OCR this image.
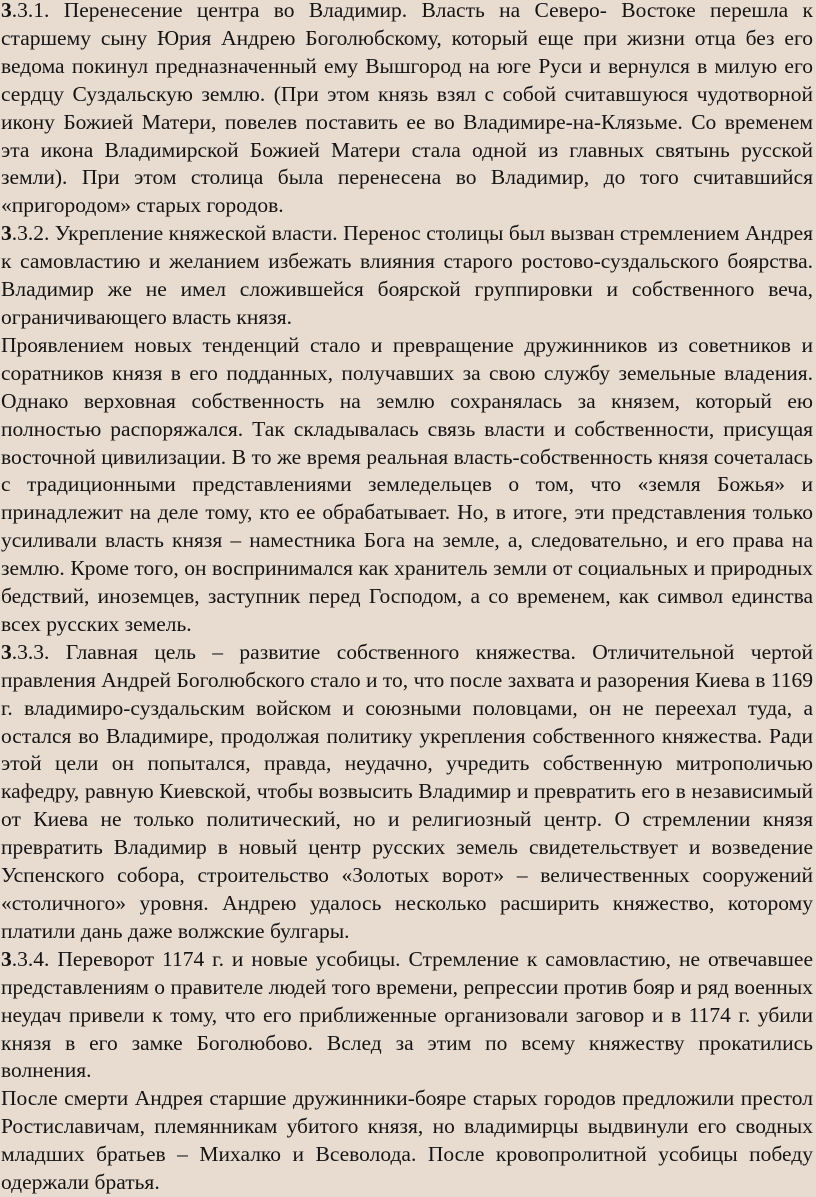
3.3.1. Перенесение центра во Владимир. Власть на Северо- Востоке перешла к старшему сыну Юрия Андрею Боголюбскому, который еще при жизни отца без его ведома покинул предназначенный ему Вышгород на юге Руси и вернулся в милую его сердцу Суздальскую землю. (При этом князь взял с собой считавшуюся чудотворной икону Божией Матери, повелев поставить ее во Владимире-на-Клязьме. Со временем эта икона Владимирской Божией Матери стала одной из главных святынь русской земли). При этом столица была перенесена во Владимир, до того считавшийся «пригородом» старых городов.

3.3.2. Укрепление княжеской власти. Перенос столицы был вызван стремлением Андрея к самовластию и желанием избежать влияния старого ростово-суздальского боярства. Владимир же не имел сложившейся боярской группировки и собственного веча, ограничивающего власть князя.

Проявлением новых тенденций стало и превращение дружинников из советников и соратников князя в его подданных, получавших за свою службу земельные владения. Однако верховная собственность на землю сохранялась за князем, который ею полностью распоряжался. Так складывалась связь власти и собственности, присущая восточной цивилизации. В то же время реальная власть-собственность князя сочеталась с традиционными представлениями земледельцев о том, что «земля Божья» и принадлежит на деле тому, кто ее обрабатывает. Но, в итоге, эти представления только усиливали власть князя – наместника Бога на земле, а, следовательно, и его права на землю. Кроме того, он воспринимался как хранитель земли от социальных и природных бедствий, иноземцев, заступник перед Господом, а со временем, как символ единства всех русских земель.

3.3.3. Главная цель – развитие собственного княжества. Отличительной чертой правления Андрей Боголюбского стало и то, что после захвата и разорения Киева в 1169 г. владимиро-суздальским войском и союзными половцами, он не переехал туда, а остался во Владимире, продолжая политику укрепления собственного княжества. Ради этой цели он попытался, правда, неудачно, учредить собственную митрополичью кафедру, равную Киевской, чтобы возвысить Владимир и превратить его в независимый от Киева не только политический, но и религиозный центр. О стремлении князя превратить Владимир в новый центр русских земель свидетельствует и возведение Успенского собора, строительство «Золотых ворот» – величественных сооружений «столичного» уровня. Андрею удалось несколько расширить княжество, которому платили дань даже волжские булгары.

3.3.4. Переворот 1174 г. и новые усобицы. Стремление к самовластию, не отвечавшее представлениям о правителе людей того времени, репрессии против бояр и ряд военных неудач привели к тому, что его приближенные организовали заговор и в 1174 г. убили князя в его замке Боголюбово. Вслед за этим по всему княжеству прокатились волнения.

После смерти Андрея старшие дружинники-бояре старых городов предложили престол Ростиславичам, племянникам убитого князя, но владимирцы выдвинули его сводных младших братьев – Михалко и Всеволода. После кровопролитной усобицы победу одержали братья.
